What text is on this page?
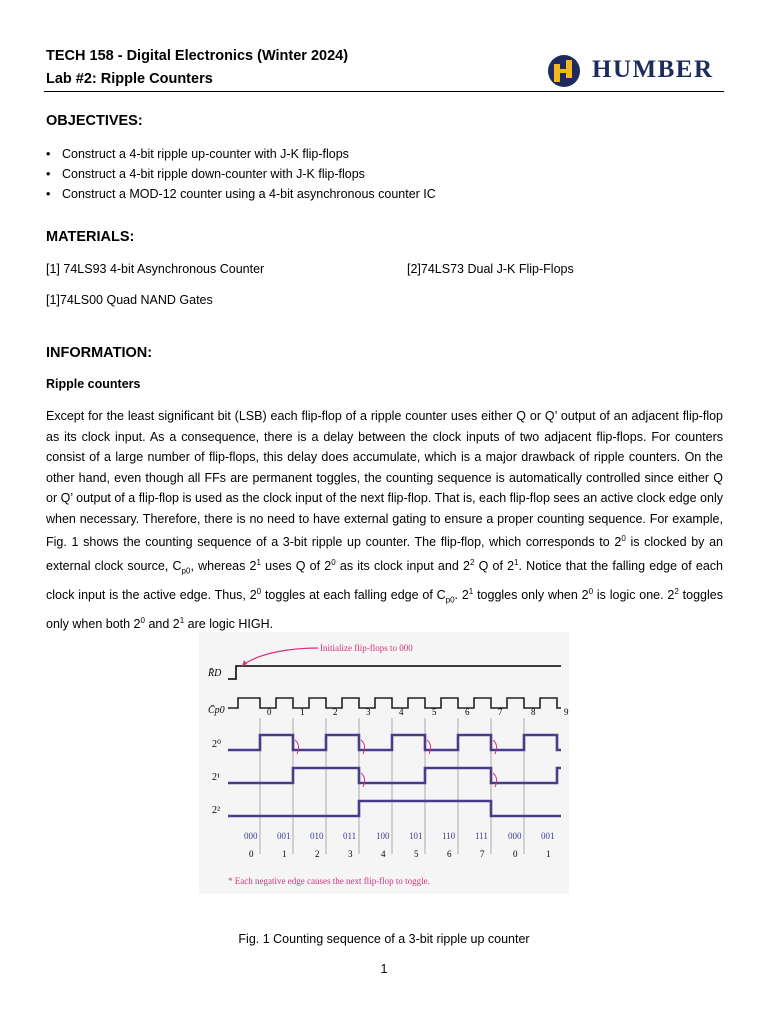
TECH 158 - Digital Electronics (Winter 2024)
Lab #2: Ripple Counters	HUMBER
OBJECTIVES:
• Construct a 4-bit ripple up-counter with J-K flip-flops
• Construct a 4-bit ripple down-counter with J-K flip-flops
• Construct a MOD-12 counter using a 4-bit asynchronous counter IC
MATERIALS:
[1] 74LS93 4-bit Asynchronous Counter	[2]74LS73 Dual J-K Flip-Flops
[1]74LS00 Quad NAND Gates
INFORMATION:
Ripple counters
Except for the least significant bit (LSB) each flip-flop of a ripple counter uses either Q or Q’ output of an adjacent flip-flop as its clock input. As a consequence, there is a delay between the clock inputs of two adjacent flip-flops. For counters consist of a large number of flip-flops, this delay does accumulate, which is a major drawback of ripple counters. On the other hand, even though all FFs are permanent toggles, the counting sequence is automatically controlled since either Q or Q’ output of a flip-flop is used as the clock input of the next flip-flop. That is, each flip-flop sees an active clock edge only when necessary. Therefore, there is no need to have external gating to ensure a proper counting sequence. For example, Fig. 1 shows the counting sequence of a 3-bit ripple up counter. The flip-flop, which corresponds to $2^0$ is clocked by an external clock source, $C_{p0}$, whereas $2^1$ uses Q of $2^0$ as its clock input and $2^2$ Q of $2^1$. Notice that the falling edge of each clock input is the active edge. Thus, $2^0$ toggles at each falling edge of $C_{p0}$. $2^1$ toggles only when $2^0$ is logic one. $2^2$ toggles only when both $2^0$ and $2^1$ are logic HIGH.
0	1	2	3	4	5	6	7	8	9
000 001 010 011 100 101 110 111 000 001
0	1	2	3	4	5	6	7	0	1
R̄D
C̄p0
2⁰
2¹
2²
Initialize flip-flops to 000
* Each negative edge causes the next flip-flop to toggle.
Fig. 1 Counting sequence of a 3-bit ripple up counter
1
